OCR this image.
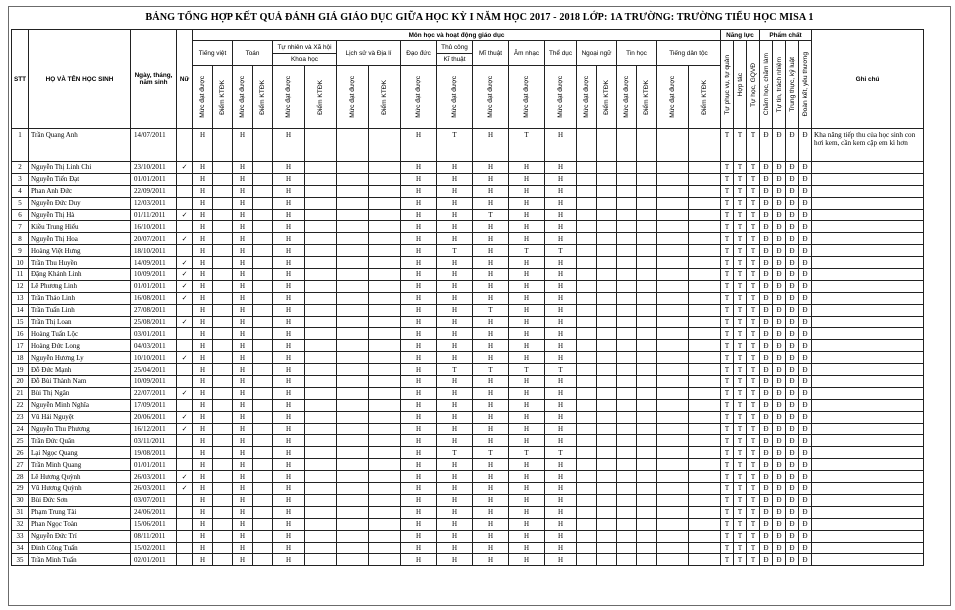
BẢNG TỔNG HỢP KẾT QUẢ ĐÁNH GIÁ GIÁO DỤC GIỮA HỌC KỲ I NĂM HỌC 2017 - 2018 LỚP: 1A TRƯỜNG: TRƯỜNG TIỂU HỌC MISA 1
STT	HỌ VÀ TÊN HỌC SINH	Ngày, tháng, năm sinh	Nữ	Môn học và hoạt động giáo dục																			Năng lực			Phẩm chất				Ghi chú
				Tiếng việt		Toán		Tự nhiên và Xã hội		Lịch sử và Địa lí		Đạo đức	Thủ công	Mĩ thuật	Âm nhạc	Thể dục	Ngoại ngữ		Tin học		Tiếng dân tộc		Tự phục vụ, tự quản	Hợp tác	Tự học, GQVĐ	Chăm học, chăm làm	Tự tin, trách nhiệm	Trung thực, kỷ luật	Đoàn kết, yêu thương	

								Khoa học					Kĩ thuật																	

				Mức đạt được	Điểm KTĐK	Mức đạt được	Điểm KTĐK	Mức đạt được	Điểm KTĐK	Mức đạt được	Điểm KTĐK	Mức đạt được	Mức đạt được	Mức đạt được	Mức đạt được	Mức đạt được	Mức đạt được	Điểm KTĐK	Mức đạt được	Điểm KTĐK	Mức đạt được	Điểm KTĐK								

1	Trần Quang Anh	14/07/2011		H		H		H				H	T	H	T	H							T	T	T	Đ	Đ	Đ	Đ	Kha năng tiếp thu của học sinh con hơi kem, cần kem cặp em kì hơn
2	Nguyễn Thị Linh Chi	23/10/2011	✓	H		H		H				H	H	H	H	H							T	T	T	Đ	Đ	Đ	Đ	
3	Nguyễn Tiến Đạt	01/01/2011		H		H		H				H	H	H	H	H							T	T	T	Đ	Đ	Đ	Đ	
4	Phan Anh Đức	22/09/2011		H		H		H				H	H	H	H	H							T	T	T	Đ	Đ	Đ	Đ	
5	Nguyễn Đức Duy	12/03/2011		H		H		H				H	H	H	H	H							T	T	T	Đ	Đ	Đ	Đ	
6	Nguyễn Thị Hà	01/11/2011	✓	H		H		H				H	H	T	H	H							T	T	T	Đ	Đ	Đ	Đ	
7	Kiều Trung Hiếu	16/10/2011		H		H		H				H	H	H	H	H							T	T	T	Đ	Đ	Đ	Đ	
8	Nguyễn Thị Hoa	20/07/2011	✓	H		H		H				H	H	H	H	H							T	T	T	Đ	Đ	Đ	Đ	
9	Hoàng Việt Hưng	18/10/2011		H		H		H				H	T	H	T	T							T	T	T	Đ	Đ	Đ	Đ	
10	Trần Thu Huyền	14/09/2011	✓	H		H		H				H	H	H	H	H							T	T	T	Đ	Đ	Đ	Đ	
11	Đặng Khánh Linh	10/09/2011	✓	H		H		H				H	H	H	H	H							T	T	T	Đ	Đ	Đ	Đ	
12	Lê Phương Linh	01/01/2011	✓	H		H		H				H	H	H	H	H							T	T	T	Đ	Đ	Đ	Đ	
13	Trần Thảo Linh	16/08/2011	✓	H		H		H				H	H	H	H	H							T	T	T	Đ	Đ	Đ	Đ	
14	Trần Tuấn Linh	27/08/2011		H		H		H				H	H	T	H	H							T	T	T	Đ	Đ	Đ	Đ	
15	Trần Thị Loan	25/08/2011	✓	H		H		H				H	H	H	H	H							T	T	T	Đ	Đ	Đ	Đ	
16	Hoàng Tuấn Lộc	03/01/2011		H		H		H				H	H	H	H	H							T	T	T	Đ	Đ	Đ	Đ	
17	Hoàng Đức Long	04/03/2011		H		H		H				H	H	H	H	H							T	T	T	Đ	Đ	Đ	Đ	
18	Nguyễn Hương Ly	10/10/2011	✓	H		H		H				H	H	H	H	H							T	T	T	Đ	Đ	Đ	Đ	
19	Đỗ Đức Mạnh	25/04/2011		H		H		H				H	T	T	T	T							T	T	T	Đ	Đ	Đ	Đ	
20	Đỗ Bùi Thành Nam	10/09/2011		H		H		H				H	H	H	H	H							T	T	T	Đ	Đ	Đ	Đ	
21	Bùi Thị Ngân	22/07/2011	✓	H		H		H				H	H	H	H	H							T	T	T	Đ	Đ	Đ	Đ	
22	Nguyễn Minh Nghĩa	17/09/2011		H		H		H				H	H	H	H	H							T	T	T	Đ	Đ	Đ	Đ	
23	Vũ Hải Nguyệt	20/06/2011	✓	H		H		H				H	H	H	H	H							T	T	T	Đ	Đ	Đ	Đ	
24	Nguyễn Thu Phương	16/12/2011	✓	H		H		H				H	H	H	H	H							T	T	T	Đ	Đ	Đ	Đ	
25	Trần Đức Quân	03/11/2011		H		H		H				H	H	H	H	H							T	T	T	Đ	Đ	Đ	Đ	
26	Lại Ngọc Quang	19/08/2011		H		H		H				H	T	T	T	T							T	T	T	Đ	Đ	Đ	Đ	
27	Trần Minh Quang	01/01/2011		H		H		H				H	H	H	H	H							T	T	T	Đ	Đ	Đ	Đ	
28	Lê Hương Quỳnh	26/03/2011	✓	H		H		H				H	H	H	H	H							T	T	T	Đ	Đ	Đ	Đ	
29	Vũ Hương Quỳnh	26/03/2011	✓	H		H		H				H	H	H	H	H							T	T	T	Đ	Đ	Đ	Đ	
30	Bùi Đức Sơn	03/07/2011		H		H		H				H	H	H	H	H							T	T	T	Đ	Đ	Đ	Đ	
31	Phạm Trung Tài	24/06/2011		H		H		H				H	H	H	H	H							T	T	T	Đ	Đ	Đ	Đ	
32	Phan Ngọc Toàn	15/06/2011		H		H		H				H	H	H	H	H							T	T	T	Đ	Đ	Đ	Đ	
33	Nguyễn Đức Trí	08/11/2011		H		H		H				H	H	H	H	H							T	T	T	Đ	Đ	Đ	Đ	
34	Đinh Công Tuấn	15/02/2011		H		H		H				H	H	H	H	H							T	T	T	Đ	Đ	Đ	Đ	
35	Trần Minh Tuấn	02/01/2011		H		H		H				H	H	H	H	H							T	T	T	Đ	Đ	Đ	Đ	
